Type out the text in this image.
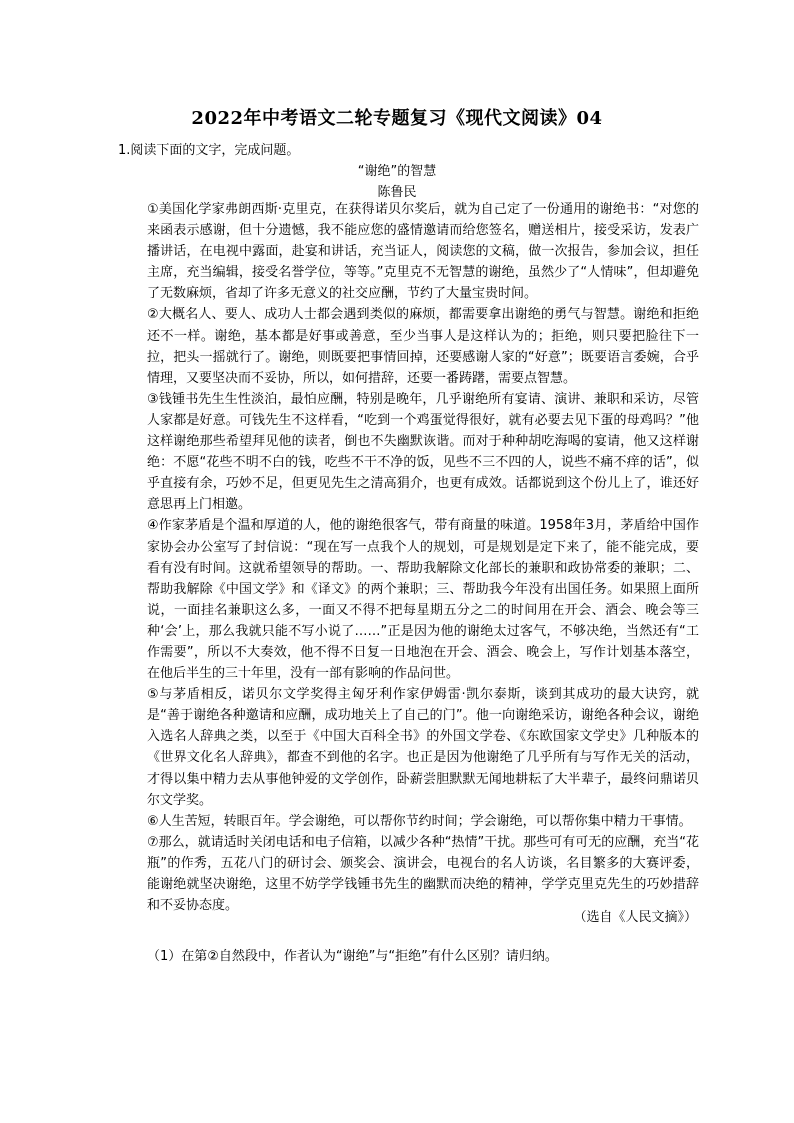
2022年中考语文二轮专题复习《现代文阅读》04
1.阅读下面的文字，完成问题。
“谢绝”的智慧
陈鲁民

①美国化学家弗朗西斯·克里克，在获得诺贝尔奖后，就为自己定了一份通用的谢绝书：“对您的来函表示感谢，但十分遗憾，我不能应您的盛情邀请而给您签名，赠送相片，接受采访，发表广播讲话，在电视中露面，赴宴和讲话，充当证人，阅读您的文稿，做一次报告，参加会议，担任主席，充当编辑，接受名誉学位，等等。”克里克不无智慧的谢绝，虽然少了“人情味”，但却避免了无数麻烦，省却了许多无意义的社交应酬，节约了大量宝贵时间。

②大概名人、要人、成功人士都会遇到类似的麻烦，都需要拿出谢绝的勇气与智慧。谢绝和拒绝还不一样。谢绝，基本都是好事或善意，至少当事人是这样认为的；拒绝，则只要把脸往下一拉，把头一摇就行了。谢绝，则既要把事情回掉，还要感谢人家的“好意”；既要语言委婉，合乎情理，又要坚决而不妥协，所以，如何措辞，还要一番踌躇，需要点智慧。

③钱锺书先生生性淡泊，最怕应酬，特别是晚年，几乎谢绝所有宴请、演讲、兼职和采访，尽管人家都是好意。可钱先生不这样看，“吃到一个鸡蛋觉得很好，就有必要去见下蛋的母鸡吗？”他这样谢绝那些希望拜见他的读者，倒也不失幽默诙谐。而对于种种胡吃海喝的宴请，他又这样谢绝：不愿“花些不明不白的钱，吃些不干不净的饭，见些不三不四的人，说些不痛不痒的话”，似乎直接有余，巧妙不足，但更见先生之清高狷介，也更有成效。话都说到这个份儿上了，谁还好意思再上门相邀。

④作家茅盾是个温和厚道的人，他的谢绝很客气，带有商量的味道。1958年3月，茅盾给中国作家协会办公室写了封信说：“现在写一点我个人的规划，可是规划是定下来了，能不能完成，要看有没有时间。这就希望领导的帮助。一、帮助我解除文化部长的兼职和政协常委的兼职；二、帮助我解除《中国文学》和《译文》的两个兼职；三、帮助我今年没有出国任务。如果照上面所说，一面挂名兼职这么多，一面又不得不把每星期五分之二的时间用在开会、酒会、晚会等三种‘会’上，那么我就只能不写小说了……”正是因为他的谢绝太过客气，不够决绝，当然还有“工作需要”，所以不大奏效，他不得不日复一日地泡在开会、酒会、晚会上，写作计划基本落空，在他后半生的三十年里，没有一部有影响的作品问世。

⑤与茅盾相反，诺贝尔文学奖得主匈牙利作家伊姆雷·凯尔泰斯，谈到其成功的最大诀窍，就是“善于谢绝各种邀请和应酬，成功地关上了自己的门”。他一向谢绝采访，谢绝各种会议，谢绝入选名人辞典之类，以至于《中国大百科全书》的外国文学卷、《东欧国家文学史》几种版本的《世界文化名人辞典》，都查不到他的名字。也正是因为他谢绝了几乎所有与写作无关的活动，才得以集中精力去从事他钟爱的文学创作，卧薪尝胆默默无闻地耕耘了大半辈子，最终问鼎诺贝尔文学奖。

⑥人生苦短，转眼百年。学会谢绝，可以帮你节约时间；学会谢绝，可以帮你集中精力干事情。

⑦那么，就请适时关闭电话和电子信箱，以减少各种“热情”干扰。那些可有可无的应酬，充当“花瓶”的作秀，五花八门的研讨会、颁奖会、演讲会，电视台的名人访谈，名目繁多的大赛评委，能谢绝就坚决谢绝，这里不妨学学钱锺书先生的幽默而决绝的精神，学学克里克先生的巧妙措辞和不妥协态度。

（选自《人民文摘》）
（1）在第②自然段中，作者认为“谢绝”与“拒绝”有什么区别？请归纳。
